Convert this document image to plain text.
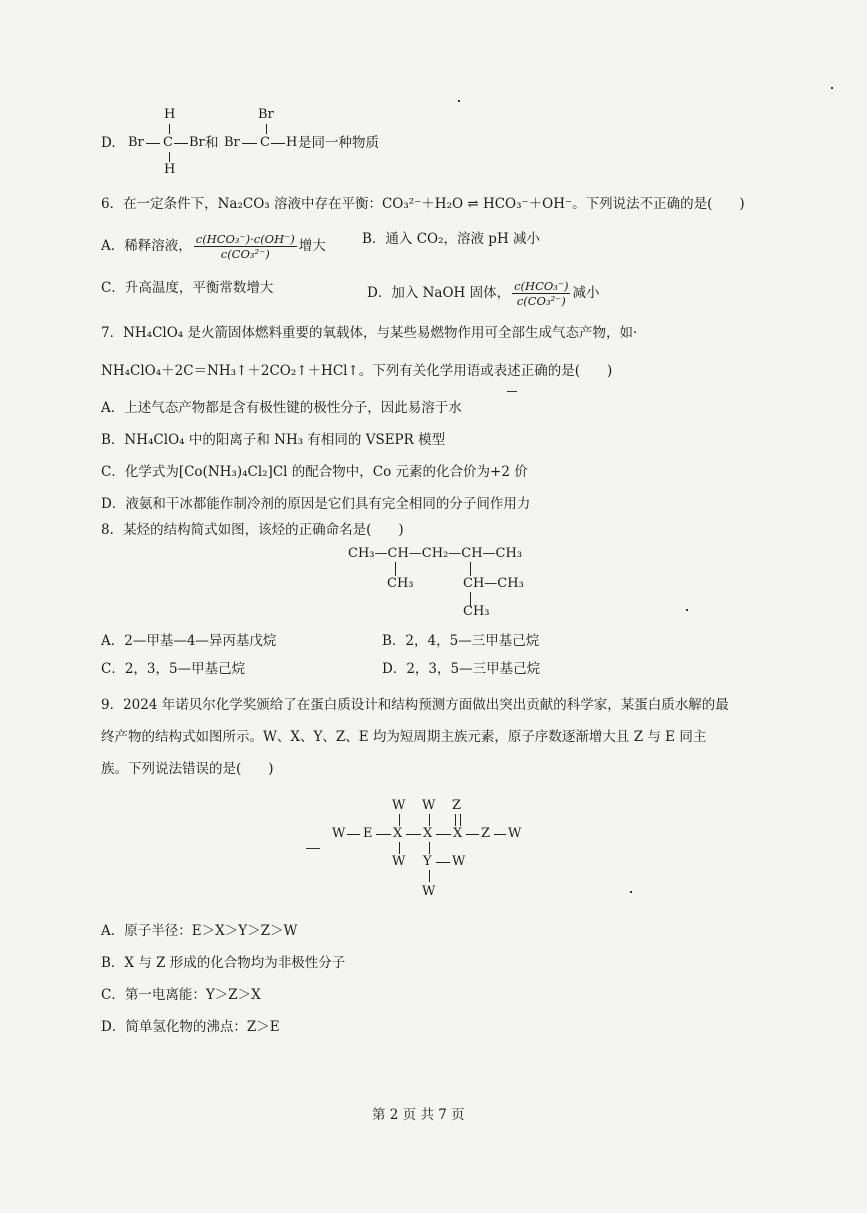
D.
H
Br C Br
H
和
Br
Br C H 是同一种物质
6．在一定条件下，Na₂CO₃ 溶液中存在平衡：CO₃²⁻＋H₂O ⇌ HCO₃⁻＋OH⁻。下列说法不正确的是(　　)
A．稀释溶液， $\frac{\text{c(HCO₃⁻)·c(OH⁻)}}{\text{c(CO₃²⁻)}}$ 增大	B．通入 CO₂，溶液 pH 减小
C．升高温度，平衡常数增大	D．加入 NaOH 固体， $\frac{\text{c(HCO₃⁻)}}{\text{c(CO₃²⁻)}}$ 减小
7．NH₄ClO₄ 是火箭固体燃料重要的氧载体，与某些易燃物作用可全部生成气态产物，如·
NH₄ClO₄＋2C＝NH₃↑＋2CO₂↑＋HCl↑。下列有关化学用语或表述正确的是(　　)
A．上述气态产物都是含有极性键的极性分子，因此易溶于水
B．NH₄ClO₄ 中的阳离子和 NH₃ 有相同的 VSEPR 模型
C．化学式为[Co(NH₃)₄Cl₂]Cl 的配合物中，Co 元素的化合价为+2 价
D．液氨和干冰都能作制冷剂的原因是它们具有完全相同的分子间作用力
8．某烃的结构简式如图，该烃的正确命名是(　　)
CH₃—CH—CH₂—CH—CH₃
CH₃	CH—CH₃
CH₃
A．2—甲基—4—异丙基戊烷	B．2，4，5—三甲基己烷
C．2，3，5—甲基己烷	D．2，3，5—三甲基己烷
9．2024 年诺贝尔化学奖颁给了在蛋白质设计和结构预测方面做出突出贡献的科学家，某蛋白质水解的最
终产物的结构式如图所示。W、X、Y、Z、E 均为短周期主族元素，原子序数逐渐增大且 Z 与 E 同主
族。下列说法错误的是(　　)
W W Z
W E X X X Z W
W Y W
W
A．原子半径：E＞X＞Y＞Z＞W
B．X 与 Z 形成的化合物均为非极性分子
C．第一电离能：Y＞Z＞X
D．简单氢化物的沸点：Z＞E
第 2 页 共 7 页
